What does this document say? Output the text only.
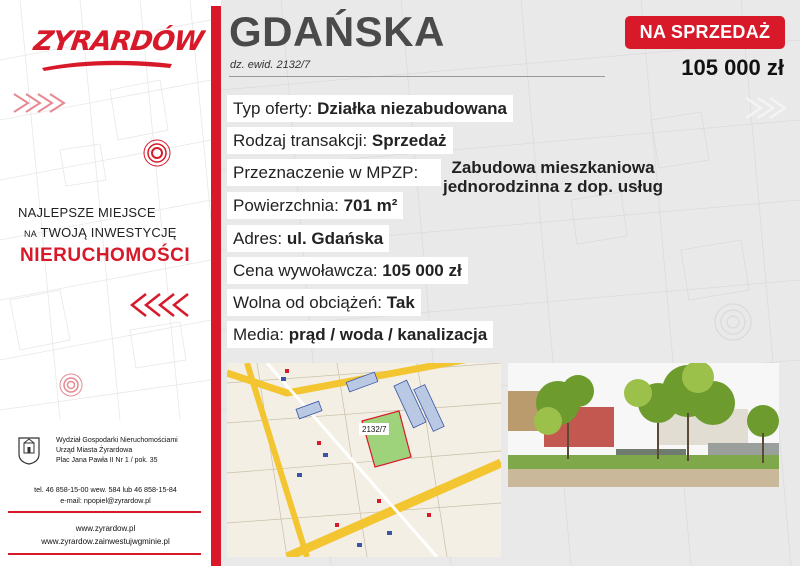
ZYRARDÓW
NAJLEPSZE MIEJSCE
NA TWOJĄ INWESTYCJĘ
NIERUCHOMOŚCI
Wydział Gospodarki Nieruchomościami
Urząd Miasta Żyrardowa
Plac Jana Pawła II Nr 1 / pok. 35
tel. 46 858-15-00 wew. 584 lub 46 858-15-84
e-mail: npopiel@zyrardow.pl
www.zyrardow.pl
www.zyrardow.zainwestujwgminie.pl
GDAŃSKA
dz. ewid. 2132/7
NA SPRZEDAŻ
105 000 zł
Typ oferty: Działka niezabudowana
Rodzaj transakcji: Sprzedaż
Przeznaczenie w MPZP:	Zabudowa mieszkaniowa
jednorodzinna z dop. usług
Powierzchnia: 701 m²
Adres: ul. Gdańska
Cena wywoławcza: 105 000 zł
Wolna od obciążeń: Tak
Media: prąd / woda / kanalizacja
2132/7
